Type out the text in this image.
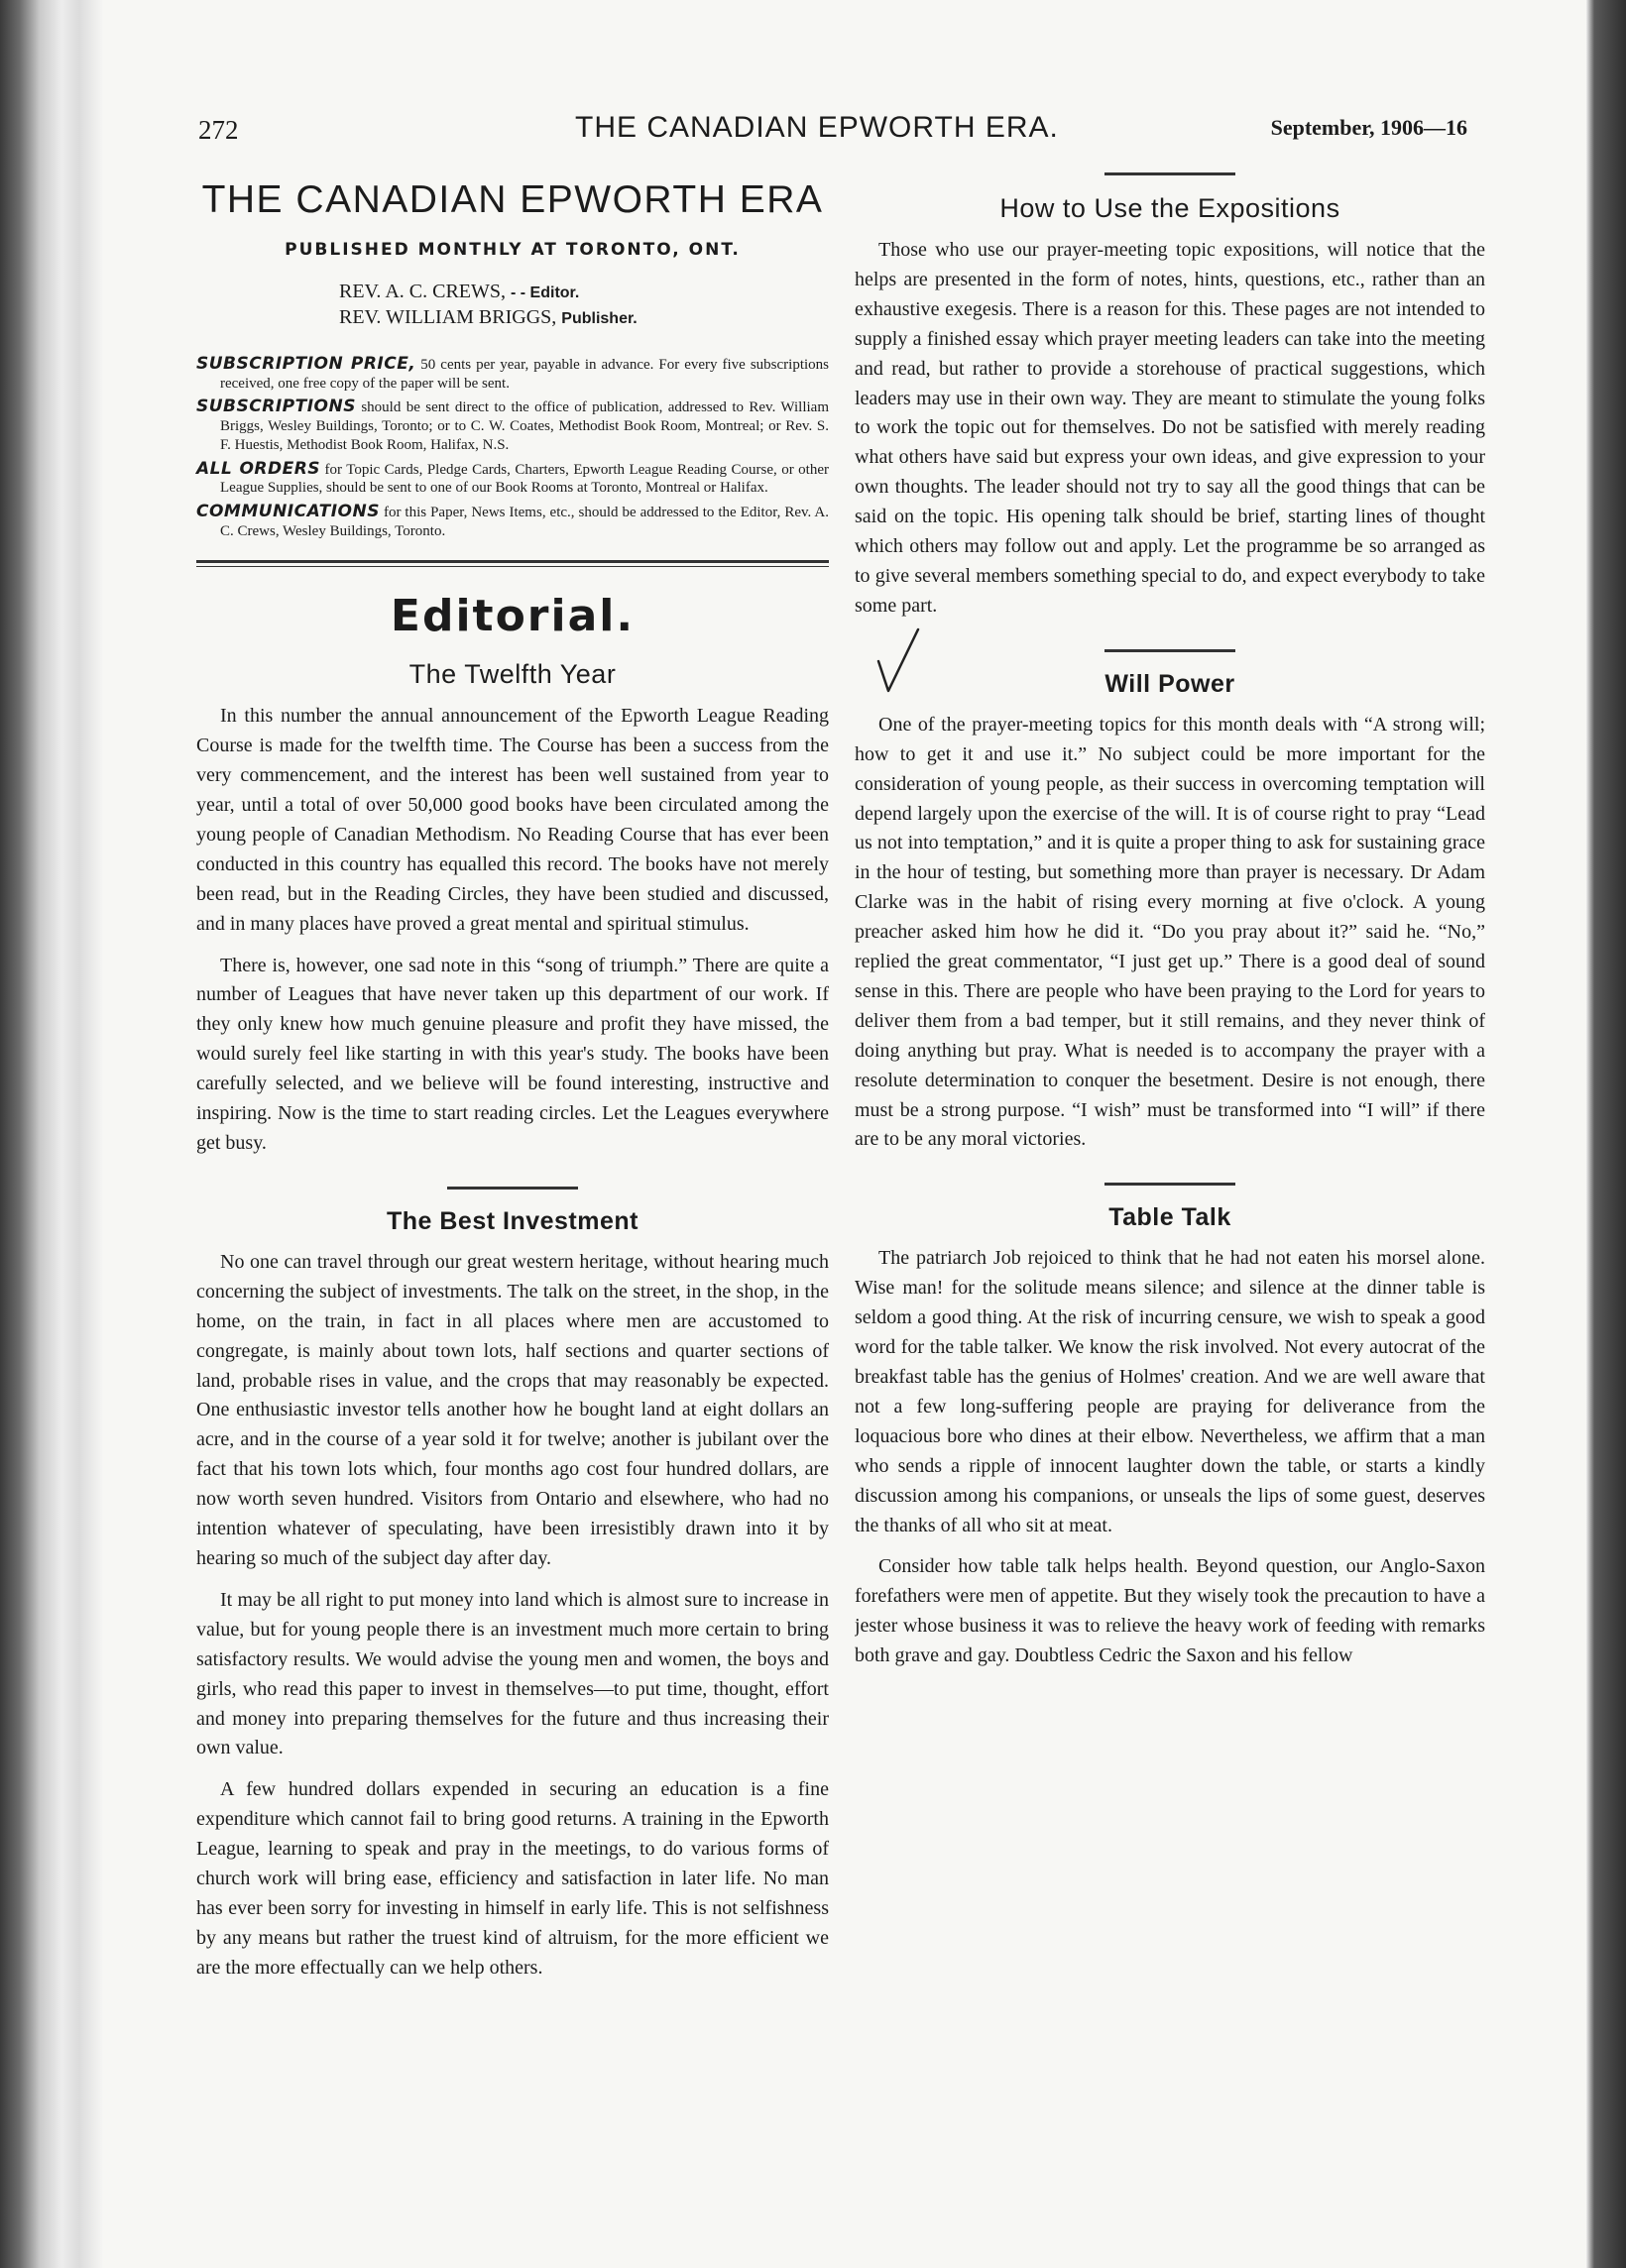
272	THE CANADIAN EPWORTH ERA.	September, 1906—16
THE CANADIAN EPWORTH ERA
PUBLISHED MONTHLY AT TORONTO, ONT.
REV. A. C. CREWS, - - Editor.
REV. WILLIAM BRIGGS, Publisher.
SUBSCRIPTION PRICE, 50 cents per year, payable in advance. For every five subscriptions received, one free copy of the paper will be sent.
SUBSCRIPTIONS should be sent direct to the office of publication, addressed to Rev. William Briggs, Wesley Buildings, Toronto; or to C. W. Coates, Methodist Book Room, Montreal; or Rev. S. F. Huestis, Methodist Book Room, Halifax, N.S.
ALL ORDERS for Topic Cards, Pledge Cards, Charters, Epworth League Reading Course, or other League Supplies, should be sent to one of our Book Rooms at Toronto, Montreal or Halifax.
COMMUNICATIONS for this Paper, News Items, etc., should be addressed to the Editor, Rev. A. C. Crews, Wesley Buildings, Toronto.
Editorial.
The Twelfth Year

In this number the annual announcement of the Epworth League Reading Course is made for the twelfth time. The Course has been a success from the very commencement, and the interest has been well sustained from year to year, until a total of over 50,000 good books have been circulated among the young people of Canadian Methodism. No Reading Course that has ever been conducted in this country has equalled this record. The books have not merely been read, but in the Reading Circles, they have been studied and discussed, and in many places have proved a great mental and spiritual stimulus.

There is, however, one sad note in this “song of triumph.” There are quite a number of Leagues that have never taken up this department of our work. If they only knew how much genuine pleasure and profit they have missed, the would surely feel like starting in with this year's study. The books have been carefully selected, and we believe will be found interesting, instructive and inspiring. Now is the time to start reading circles. Let the Leagues everywhere get busy.

The Best Investment

No one can travel through our great western heritage, without hearing much concerning the subject of investments. The talk on the street, in the shop, in the home, on the train, in fact in all places where men are accustomed to congregate, is mainly about town lots, half sections and quarter sections of land, probable rises in value, and the crops that may reasonably be expected. One enthusiastic investor tells another how he bought land at eight dollars an acre, and in the course of a year sold it for twelve; another is jubilant over the fact that his town lots which, four months ago cost four hundred dollars, are now worth seven hundred. Visitors from Ontario and elsewhere, who had no intention whatever of speculating, have been irresistibly drawn into it by hearing so much of the subject day after day.

It may be all right to put money into land which is almost sure to increase in value, but for young people there is an investment much more certain to bring satisfactory results. We would advise the young men and women, the boys and girls, who read this paper to invest in themselves—to put time, thought, effort and money into preparing themselves for the future and thus increasing their own value.

A few hundred dollars expended in securing an education is a fine expenditure which cannot fail to bring good returns. A training in the Epworth League, learning to speak and pray in the meetings, to do various forms of church work will bring ease, efficiency and satisfaction in later life. No man has ever been sorry for investing in himself in early life. This is not selfishness by any means but rather the truest kind of altruism, for the more efficient we are the more effectually can we help others.

How to Use the Expositions

Those who use our prayer-meeting topic expositions, will notice that the helps are presented in the form of notes, hints, questions, etc., rather than an exhaustive exegesis. There is a reason for this. These pages are not intended to supply a finished essay which prayer meeting leaders can take into the meeting and read, but rather to provide a storehouse of practical suggestions, which leaders may use in their own way. They are meant to stimulate the young folks to work the topic out for themselves. Do not be satisfied with merely reading what others have said but express your own ideas, and give expression to your own thoughts. The leader should not try to say all the good things that can be said on the topic. His opening talk should be brief, starting lines of thought which others may follow out and apply. Let the programme be so arranged as to give several members something special to do, and expect everybody to take some part.

Will Power

One of the prayer-meeting topics for this month deals with “A strong will; how to get it and use it.” No subject could be more important for the consideration of young people, as their success in overcoming temptation will depend largely upon the exercise of the will. It is of course right to pray “Lead us not into temptation,” and it is quite a proper thing to ask for sustaining grace in the hour of testing, but something more than prayer is necessary. Dr Adam Clarke was in the habit of rising every morning at five o'clock. A young preacher asked him how he did it. “Do you pray about it?” said he. “No,” replied the great commentator, “I just get up.” There is a good deal of sound sense in this. There are people who have been praying to the Lord for years to deliver them from a bad temper, but it still remains, and they never think of doing anything but pray. What is needed is to accompany the prayer with a resolute determination to conquer the besetment. Desire is not enough, there must be a strong purpose. “I wish” must be transformed into “I will” if there are to be any moral victories.

Table Talk

The patriarch Job rejoiced to think that he had not eaten his morsel alone. Wise man! for the solitude means silence; and silence at the dinner table is seldom a good thing. At the risk of incurring censure, we wish to speak a good word for the table talker. We know the risk involved. Not every autocrat of the breakfast table has the genius of Holmes' creation. And we are well aware that not a few long-suffering people are praying for deliverance from the loquacious bore who dines at their elbow. Nevertheless, we affirm that a man who sends a ripple of innocent laughter down the table, or starts a kindly discussion among his companions, or unseals the lips of some guest, deserves the thanks of all who sit at meat.

Consider how table talk helps health. Beyond question, our Anglo-Saxon forefathers were men of appetite. But they wisely took the precaution to have a jester whose business it was to relieve the heavy work of feeding with remarks both grave and gay. Doubtless Cedric the Saxon and his fellow
